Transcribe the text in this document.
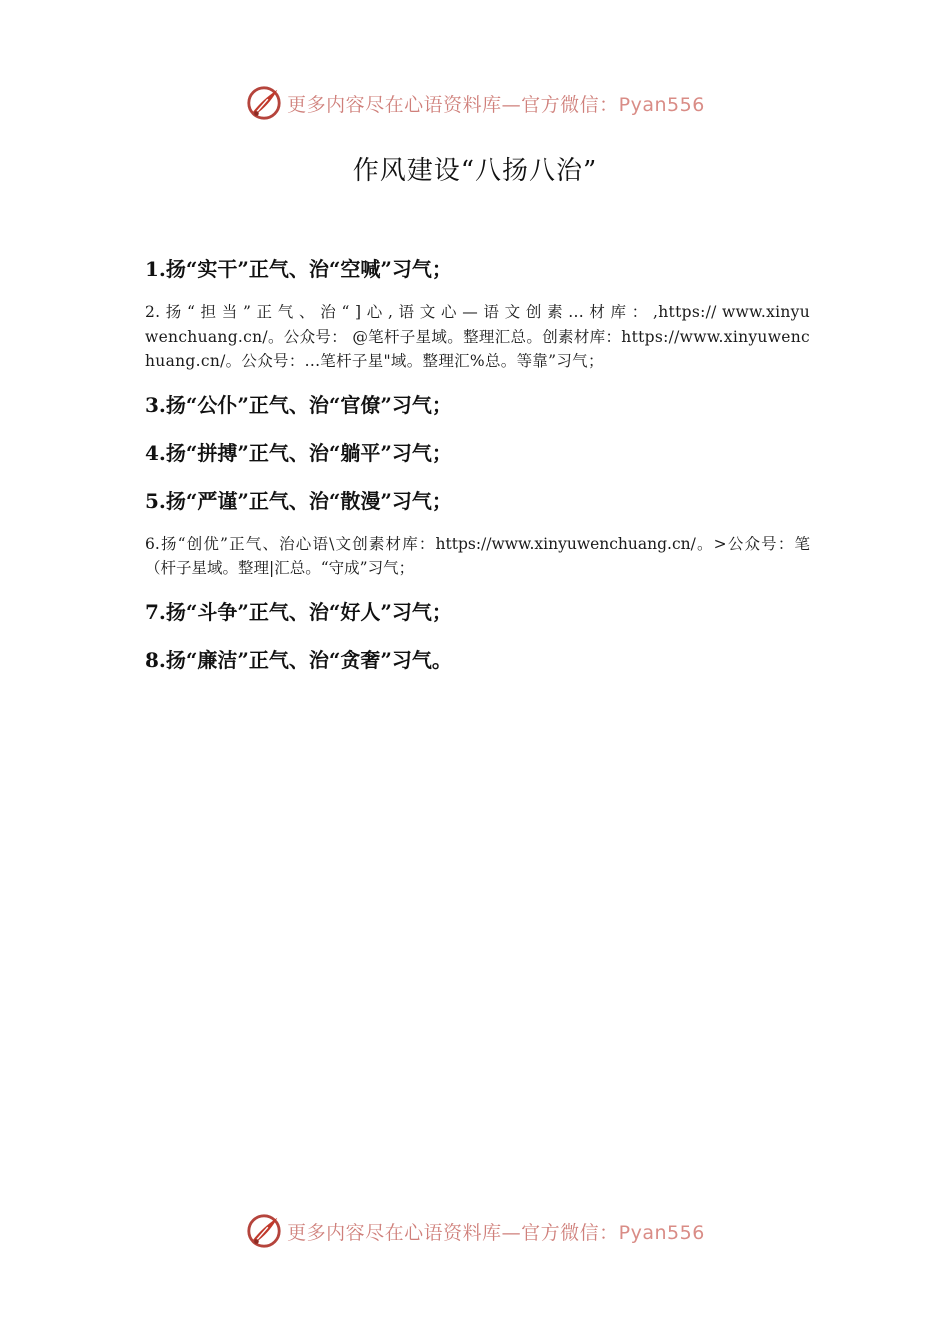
更多内容尽在心语资料库—官方微信：Pyan556
作风建设“八扬八治”
1.扬“实干”正气、治“空喊”习气；
2. 扬 “ 担 当 ” 正 气 、 治 “ ] 心 , 语 文 心 — 语 文 创 素 ... 材 库 ： ,https:// www.xinyuwenchuang.cn/。公众号： @笔杆子星域。整理汇总。创素材库：https://www.xinyuwenchuang.cn/。公众号：...笔杆子星"域。整理汇%总。等靠”习气；
3.扬“公仆”正气、治“官僚”习气；
4.扬“拼搏”正气、治“躺平”习气；
5.扬“严谨”正气、治“散漫”习气；
6.扬“创优”正气、治心语\文创素材库：https://www.xinyuwenchuang.cn/。>公众号：笔（杆子星域。整理|汇总。“守成”习气；
7.扬“斗争”正气、治“好人”习气；
8.扬“廉洁”正气、治“贪奢”习气。
更多内容尽在心语资料库—官方微信：Pyan556
